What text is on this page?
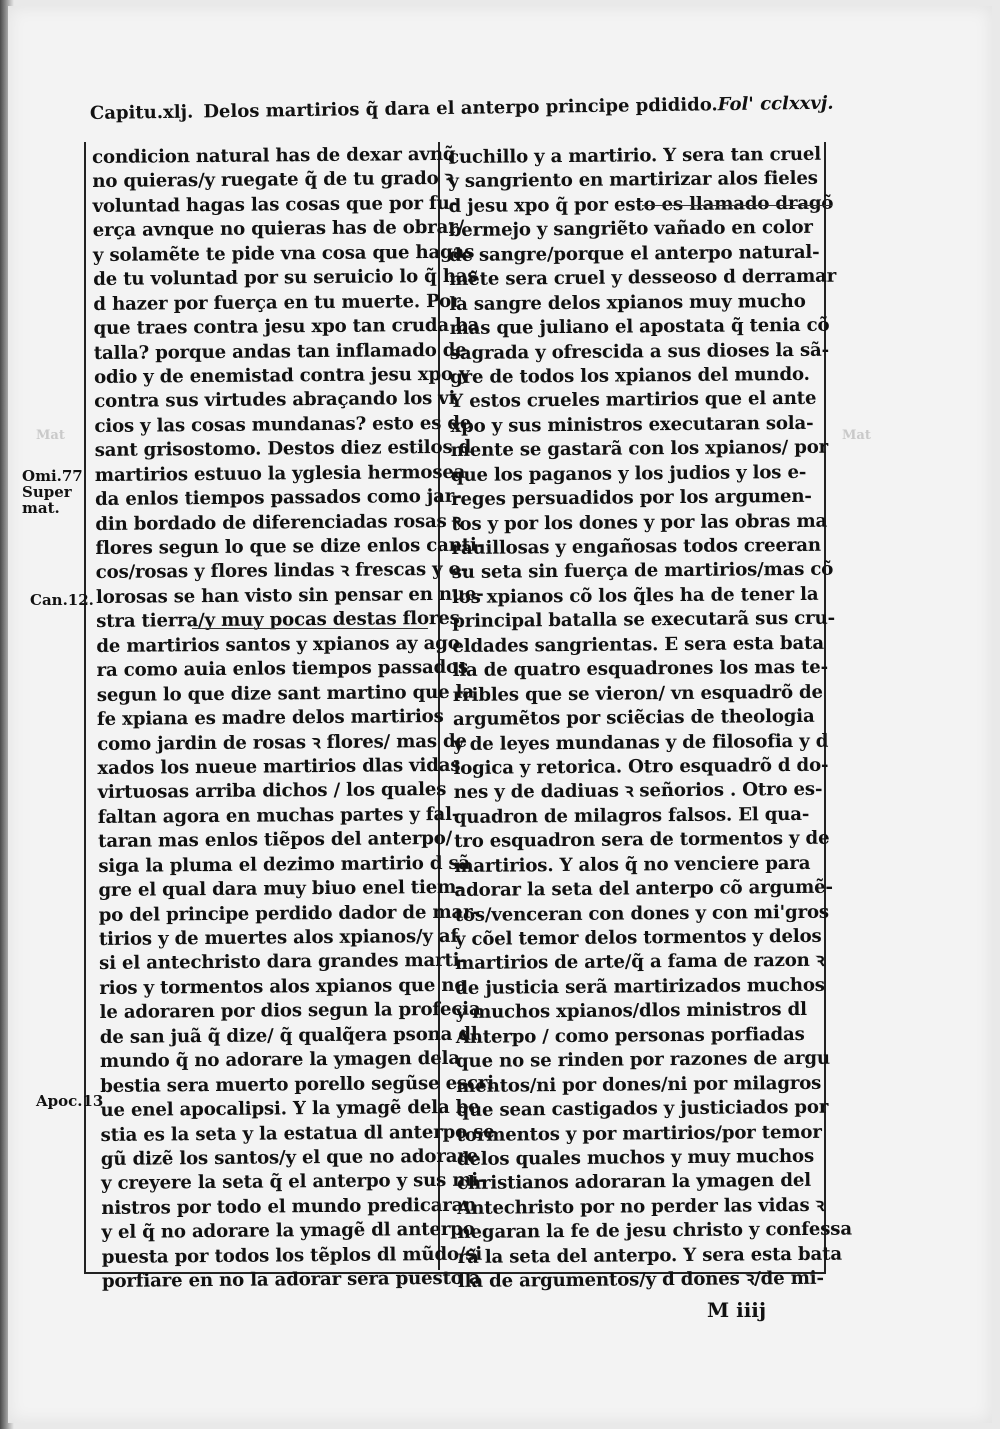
Capitu.xlj. Delos martirios q̃ dara el anterpo principe pdidido. Fol' cclxxvj.
condicion natural has de dexar avnq̃
no quieras/y ruegate q̃ de tu grado ꝛ
voluntad hagas las cosas que por fu-
erça avnque no quieras has de obrar/
y solamẽte te pide vna cosa que hagas
de tu voluntad por su seruicio lo q̃ has
d hazer por fuerça en tu muerte. Por
que traes contra jesu xpo tan cruda ba
talla? porque andas tan inflamado de
odio y de enemistad contra jesu xpo y
contra sus virtudes abraçando los vi
cios y las cosas mundanas? esto es de
sant grisostomo. Destos diez estilos d
martirios estuuo la yglesia hermosea
da enlos tiempos passados como jar-
din bordado de diferenciadas rosas ꝛ
flores segun lo que se dize enlos canti-
cos/rosas y flores lindas ꝛ frescas y o-
lorosas se han visto sin pensar en nue-
stra tierra/y muy pocas destas flores
de martirios santos y xpianos ay ago
ra como auia enlos tiempos passados
segun lo que dize sant martino que la
fe xpiana es madre delos martirios
como jardin de rosas ꝛ flores/ mas de
xados los nueue martirios dlas vidas
virtuosas arriba dichos / los quales
faltan agora en muchas partes y fal-
taran mas enlos tiẽpos del anterpo/
siga la pluma el dezimo martirio d sã
gre el qual dara muy biuo enel tiem-
po del principe perdido dador de mar-
tirios y de muertes alos xpianos/y af
si el antechristo dara grandes marti-
rios y tormentos alos xpianos que no
le adoraren por dios segun la profecia
de san juã q̃ dize/ q̃ qualq̃era psona dl
mundo q̃ no adorare la ymagen dela
bestia sera muerto porello segũse escri
ue enel apocalipsi. Y la ymagẽ dela be
stia es la seta y la estatua dl anterpo se
gũ dizẽ los santos/y el que no adorare
y creyere la seta q̃ el anterpo y sus mi-
nistros por todo el mundo predicaran
y el q̃ no adorare la ymagẽ dl anterpo
puesta por todos los tẽplos dl mũdo/si
porfiare en no la adorar sera puesto a
cuchillo y a martirio. Y sera tan cruel
y sangriento en martirizar alos fieles
d jesu xpo q̃ por esto es llamado dragõ
bermejo y sangriẽto vañado en color
de sangre/porque el anterpo natural-
mẽte sera cruel y desseoso d derramar
la sangre delos xpianos muy mucho
mas que juliano el apostata q̃ tenia cõ
sagrada y ofrescida a sus dioses la sã-
gre de todos los xpianos del mundo.
Y estos crueles martirios que el ante
xpo y sus ministros executaran sola-
mente se gastarã con los xpianos/ por
que los paganos y los judios y los e-
reges persuadidos por los argumen-
tos y por los dones y por las obras ma
rauillosas y engañosas todos creeran
su seta sin fuerça de martirios/mas cõ
los xpianos cõ los q̃les ha de tener la
principal batalla se executarã sus cru-
eldades sangrientas. E sera esta bata
lla de quatro esquadrones los mas te-
rribles que se vieron/ vn esquadrõ de
argumẽtos por sciẽcias de theologia
y de leyes mundanas y de filosofia y d
logica y retorica. Otro esquadrõ d do-
nes y de dadiuas ꝛ señorios . Otro es-
quadron de milagros falsos. El qua-
tro esquadron sera de tormentos y de
martirios. Y alos q̃ no venciere para
adorar la seta del anterpo cõ argumẽ-
tos/venceran con dones y con mi'gros
y cõel temor delos tormentos y delos
martirios de arte/q̃ a fama de razon ꝛ
de justicia serã martirizados muchos
y muchos xpianos/dlos ministros dl
Anterpo / como personas porfiadas
que no se rinden por razones de argu
mentos/ni por dones/ni por milagros
que sean castigados y justiciados por
tormentos y por martirios/por temor
delos quales muchos y muy muchos
christianos adoraran la ymagen del
Antechristo por no perder las vidas ꝛ
negaran la fe de jesu christo y confessa
rã la seta del anterpo. Y sera esta bata
lla de argumentos/y d dones ꝛ/de mi-
Omi.77
Super
mat.
Can.12.
Apoc.13
Mat	Mat
M iiij
